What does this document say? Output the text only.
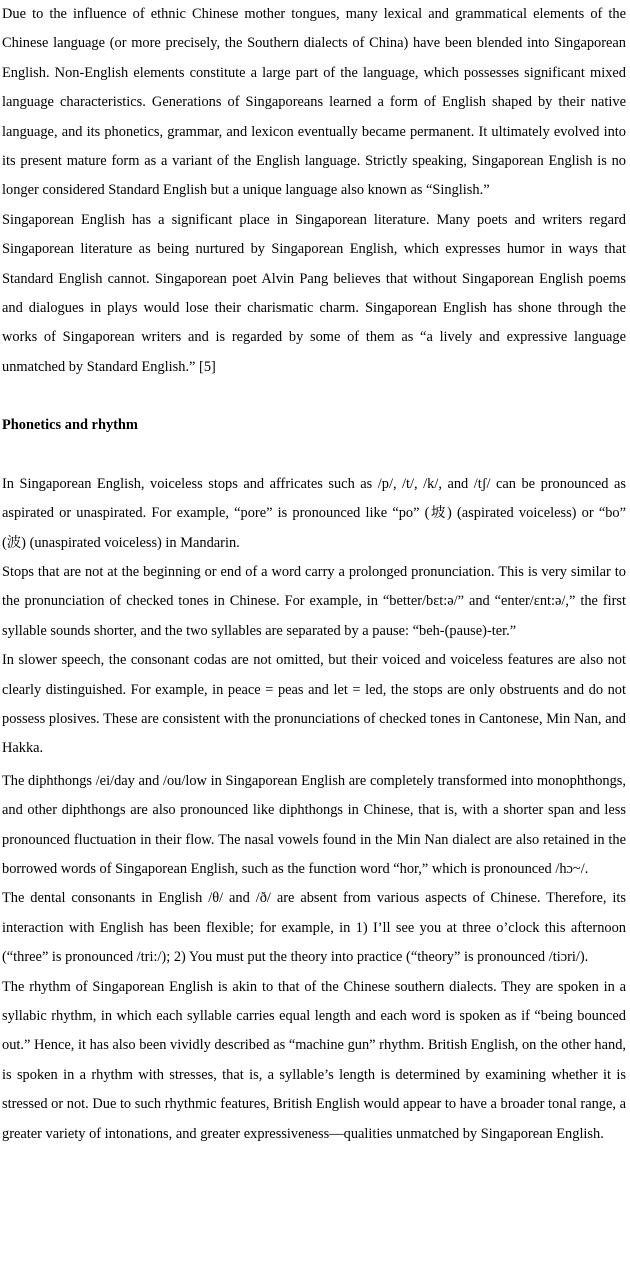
Due to the influence of ethnic Chinese mother tongues, many lexical and grammatical elements of the Chinese language (or more precisely, the Southern dialects of China) have been blended into Singaporean English. Non-English elements constitute a large part of the language, which possesses significant mixed language characteristics. Generations of Singaporeans learned a form of English shaped by their native language, and its phonetics, grammar, and lexicon eventually became permanent. It ultimately evolved into its present mature form as a variant of the English language. Strictly speaking, Singaporean English is no longer considered Standard English but a unique language also known as “Singlish.”

Singaporean English has a significant place in Singaporean literature. Many poets and writers regard Singaporean literature as being nurtured by Singaporean English, which expresses humor in ways that Standard English cannot. Singaporean poet Alvin Pang believes that without Singaporean English poems and dialogues in plays would lose their charismatic charm. Singaporean English has shone through the works of Singaporean writers and is regarded by some of them as “a lively and expressive language unmatched by Standard English.” [5]

Phonetics and rhythm

In Singaporean English, voiceless stops and affricates such as /p/, /t/, /k/, and /tʃ/ can be pronounced as aspirated or unaspirated. For example, “pore” is pronounced like “po” (坡) (aspirated voiceless) or “bo” (波) (unaspirated voiceless) in Mandarin.

Stops that are not at the beginning or end of a word carry a prolonged pronunciation. This is very similar to the pronunciation of checked tones in Chinese. For example, in “better/bɛt:ə/” and “enter/ɛnt:ə/,” the first syllable sounds shorter, and the two syllables are separated by a pause: “beh-(pause)-ter.”

In slower speech, the consonant codas are not omitted, but their voiced and voiceless features are also not clearly distinguished. For example, in peace = peas and let = led, the stops are only obstruents and do not possess plosives. These are consistent with the pronunciations of checked tones in Cantonese, Min Nan, and Hakka.

The diphthongs /ei/day and /ou/low in Singaporean English are completely transformed into monophthongs, and other diphthongs are also pronounced like diphthongs in Chinese, that is, with a shorter span and less pronounced fluctuation in their flow. The nasal vowels found in the Min Nan dialect are also retained in the borrowed words of Singaporean English, such as the function word “hor,” which is pronounced /hɔ~/.

The dental consonants in English /θ/ and /ð/ are absent from various aspects of Chinese. Therefore, its interaction with English has been flexible; for example, in 1) I’ll see you at three o’clock this afternoon (“three” is pronounced /tri:/); 2) You must put the theory into practice (“theory” is pronounced /tiɔri/).

The rhythm of Singaporean English is akin to that of the Chinese southern dialects. They are spoken in a syllabic rhythm, in which each syllable carries equal length and each word is spoken as if “being bounced out.” Hence, it has also been vividly described as “machine gun” rhythm. British English, on the other hand, is spoken in a rhythm with stresses, that is, a syllable’s length is determined by examining whether it is stressed or not. Due to such rhythmic features, British English would appear to have a broader tonal range, a greater variety of intonations, and greater expressiveness—qualities unmatched by Singaporean English.
